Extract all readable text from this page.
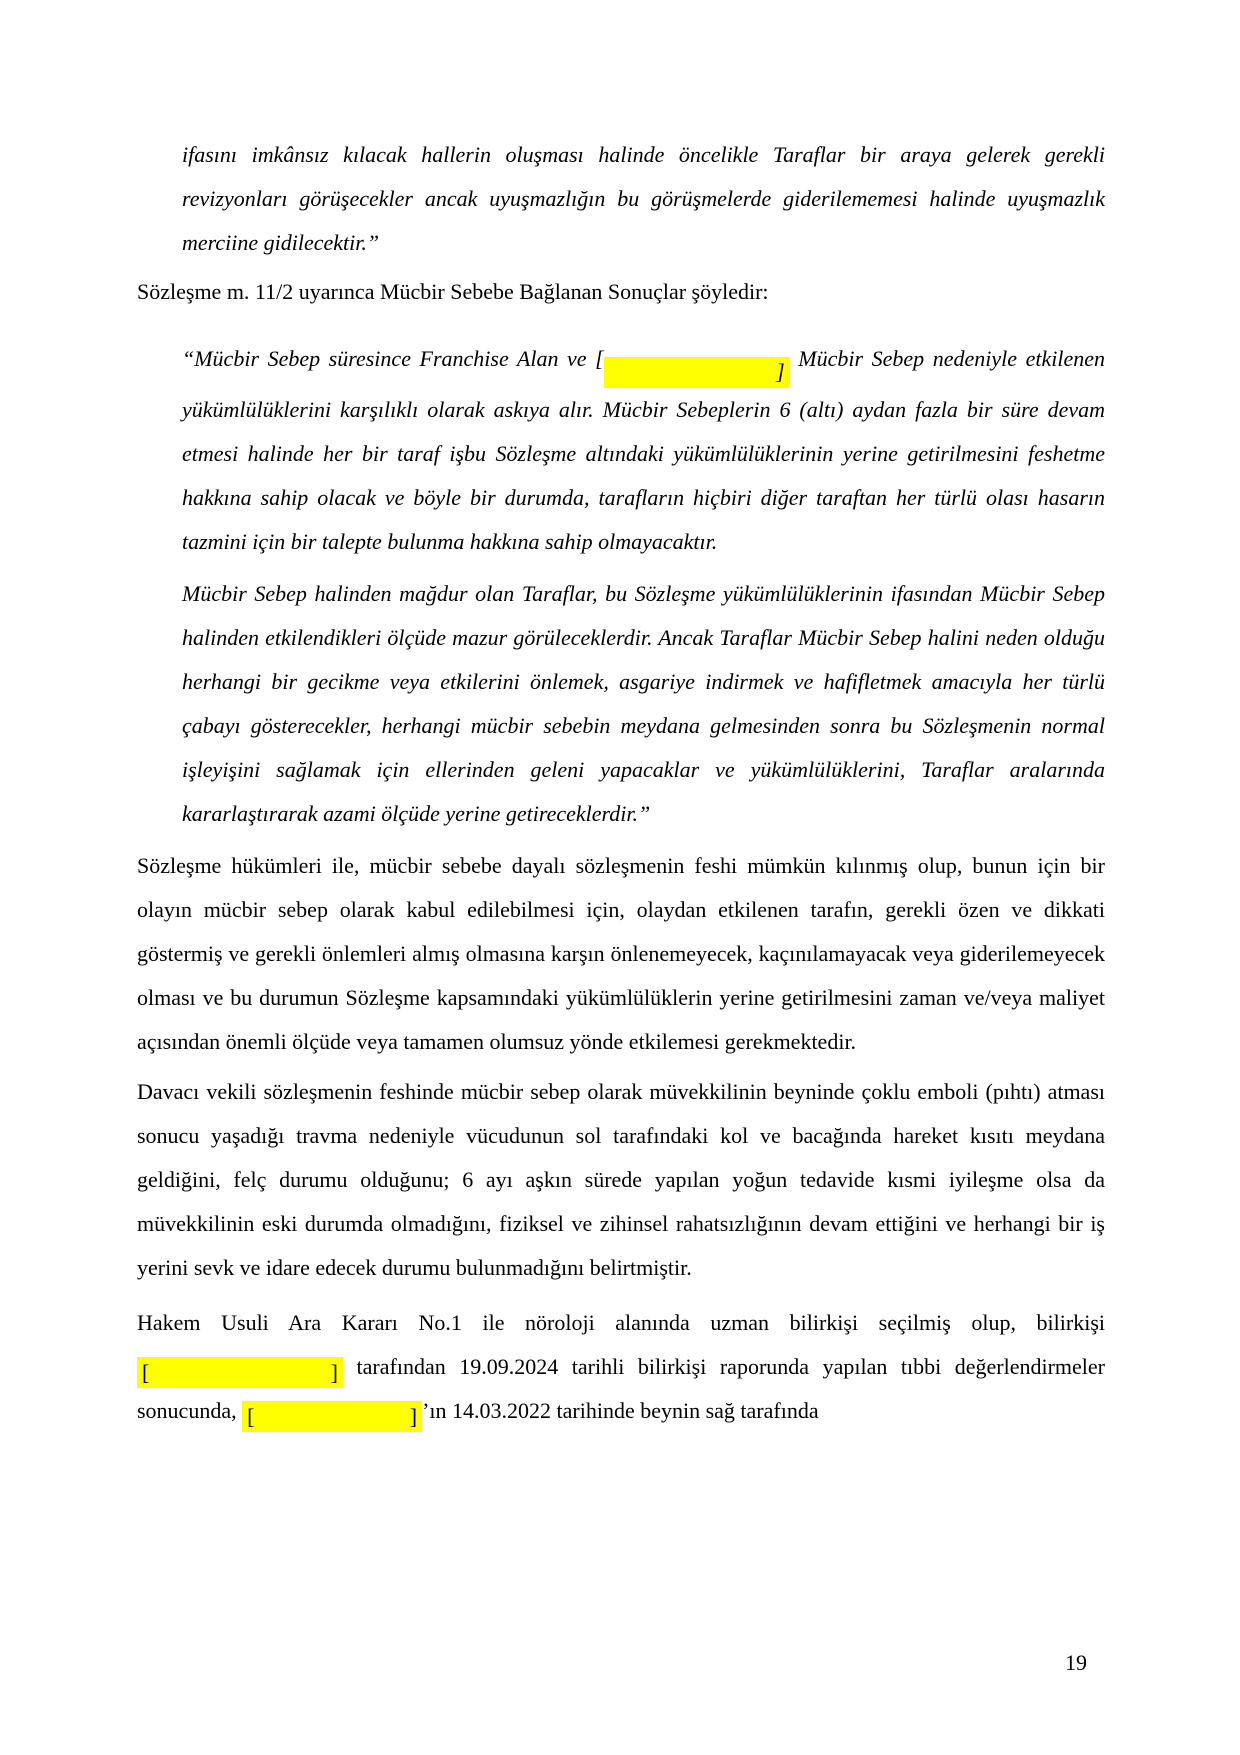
ifasını imkânsız kılacak hallerin oluşması halinde öncelikle Taraflar bir araya gelerek gerekli revizyonları görüşecekler ancak uyuşmazlığın bu görüşmelerde giderilememesi halinde uyuşmazlık merciine gidilecektir.”

Sözleşme m. 11/2 uyarınca Mücbir Sebebe Bağlanan Sonuçlar şöyledir:

“Mücbir Sebep süresince Franchise Alan ve [
]
Mücbir Sebep nedeniyle etkilenen yükümlülüklerini karşılıklı olarak askıya alır. Mücbir Sebeplerin 6 (altı) aydan fazla bir süre devam etmesi halinde her bir taraf işbu Sözleşme altındaki yükümlülüklerinin yerine getirilmesini feshetme hakkına sahip olacak ve böyle bir durumda, tarafların hiçbiri diğer taraftan her türlü olası hasarın tazmini için bir talepte bulunma hakkına sahip olmayacaktır.

Mücbir Sebep halinden mağdur olan Taraflar, bu Sözleşme yükümlülüklerinin ifasından Mücbir Sebep halinden etkilendikleri ölçüde mazur görüleceklerdir. Ancak Taraflar Mücbir Sebep halini neden olduğu herhangi bir gecikme veya etkilerini önlemek, asgariye indirmek ve hafifletmek amacıyla her türlü çabayı gösterecekler, herhangi mücbir sebebin meydana gelmesinden sonra bu Sözleşmenin normal işleyişini sağlamak için ellerinden geleni yapacaklar ve yükümlülüklerini, Taraflar aralarında kararlaştırarak azami ölçüde yerine getireceklerdir.”

Sözleşme hükümleri ile, mücbir sebebe dayalı sözleşmenin feshi mümkün kılınmış olup, bunun için bir olayın mücbir sebep olarak kabul edilebilmesi için, olaydan etkilenen tarafın, gerekli özen ve dikkati göstermiş ve gerekli önlemleri almış olmasına karşın önlenemeyecek, kaçınılamayacak veya giderilemeyecek olması ve bu durumun Sözleşme kapsamındaki yükümlülüklerin yerine getirilmesini zaman ve/veya maliyet açısından önemli ölçüde veya tamamen olumsuz yönde etkilemesi gerekmektedir.

Davacı vekili sözleşmenin feshinde mücbir sebep olarak müvekkilinin beyninde çoklu emboli (pıhtı) atması sonucu yaşadığı travma nedeniyle vücudunun sol tarafındaki kol ve bacağında hareket kısıtı meydana geldiğini, felç durumu olduğunu; 6 ayı aşkın sürede yapılan yoğun tedavide kısmi iyileşme olsa da müvekkilinin eski durumda olmadığını, fiziksel ve zihinsel rahatsızlığının devam ettiğini ve herhangi bir iş yerini sevk ve idare edecek durumu bulunmadığını belirtmiştir.

Hakem Usuli Ara Kararı No.1 ile nöroloji alanında uzman bilirkişi seçilmiş olup, bilirkişi
[	] tarafından 19.09.2024 tarihli bilirkişi raporunda yapılan tıbbi değerlendirmeler sonucunda, [	] ’ın 14.03.2022 tarihinde beynin sağ tarafında

19
